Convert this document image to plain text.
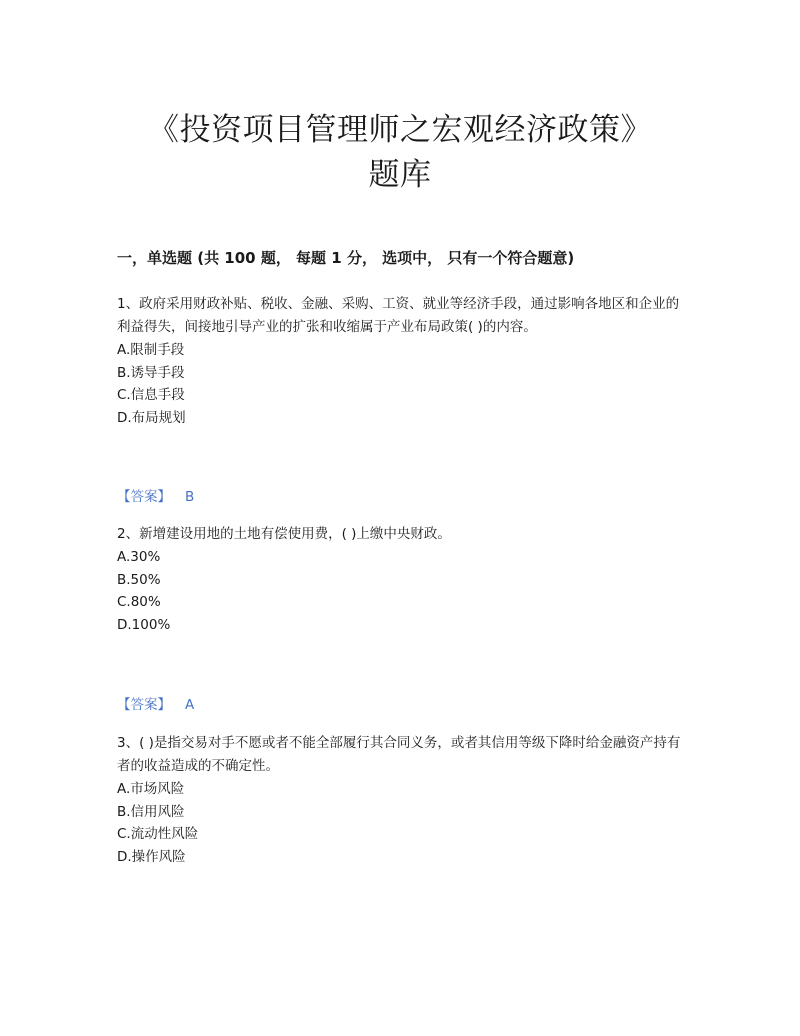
《投资项目管理师之宏观经济政策》
题库
一，单选题 (共 100 题， 每题 1 分， 选项中， 只有一个符合题意)

1、政府采用财政补贴、税收、金融、采购、工资、就业等经济手段，通过影响各地区和企业的利益得失，间接地引导产业的扩张和收缩属于产业布局政策( )的内容。

A.限制手段

B.诱导手段

C.信息手段

D.布局规划

【答案】 B

2、新增建设用地的土地有偿使用费，( )上缴中央财政。

A.30%

B.50%

C.80%

D.100%

【答案】 A

3、( )是指交易对手不愿或者不能全部履行其合同义务，或者其信用等级下降时给金融资产持有者的收益造成的不确定性。

A.市场风险

B.信用风险

C.流动性风险

D.操作风险
